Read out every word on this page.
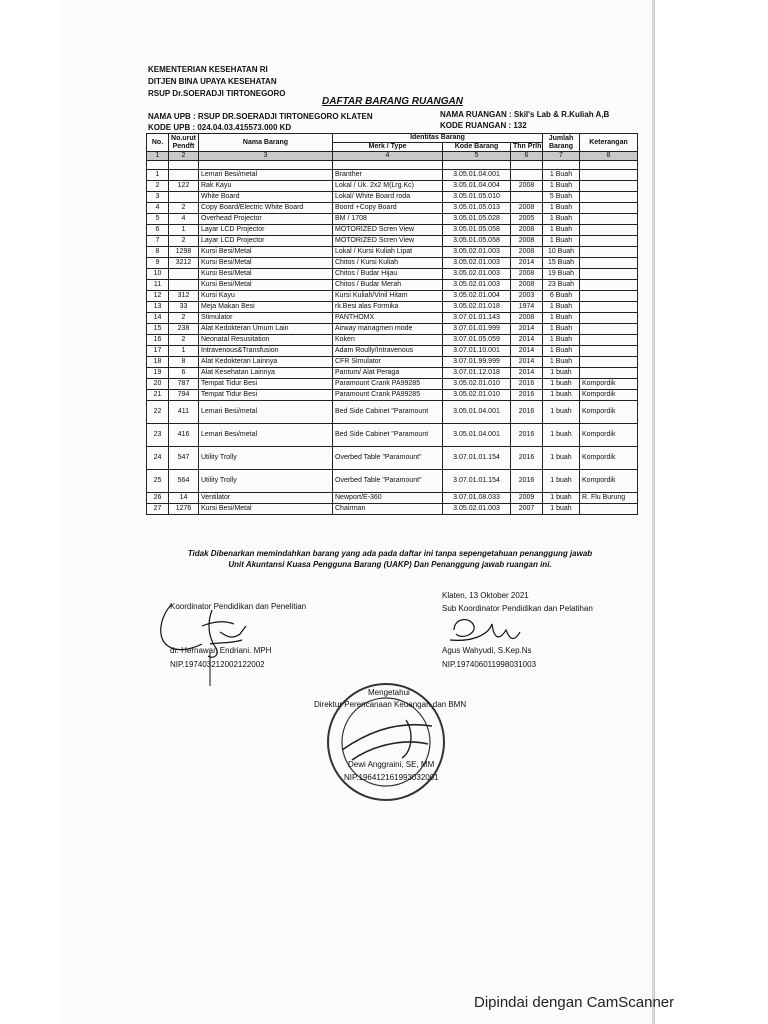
KEMENTERIAN KESEHATAN RI
DITJEN BINA UPAYA KESEHATAN
RSUP Dr.SOERADJI TIRTONEGORO
DAFTAR BARANG RUANGAN
NAMA UPB : RSUP DR.SOERADJI TIRTONEGORO KLATEN
KODE UPB : 024.04.03.415573.000 KD
NAMA RUANGAN : Skil's Lab & R.Kuliah A,B
KODE RUANGAN : 132
No.	No.urut Pendft	Nama Barang	Identitas Barang			Jumlah Barang	Keterangan
			Merk / Type	Kode Barang	Thn Prlh		
1	2	3	4	5	6	7	8

1		Lemari Besi/metal	Branther	3.05.01.04.001		1 Buah	
2	122	Rak Kayu	Lokal / Uk. 2x2 M(Lrg.Kc)	3.05.01.04.004	2008	1 Buah	
3		White Board	Lokal/ White Board roda	3.05.01.05.010		5 Buah	
4	2	Copy Board/Electric White Board	Boord +Copy Board	3.05.01.05.013	2008	1 Buah	
5	4	Overhead Projector	BM / 1708	3.05.01.05.028	2005	1 Buah	
6	1	Layar LCD Projector	MOTORIZED Scren View	3.05.01.05.058	2008	1 Buah	
7	2	Layar LCD Projector	MOTORIZED Scren View	3.05.01.05.058	2008	1 Buah	
8	1298	Kursi Besi/Metal	Lokal / Kursi Kuliah Lipat	3.05.02.01.003	2008	10 Buah	
9	3212	Kursi Besi/Metal	Chitos / Kursi Kuliah	3.05.02.01.003	2014	15 Buah	
10		Kursi Besi/Metal	Chitos / Budar Hijau	3.05.02.01.003	2008	19 Buah	
11		Kursi Besi/Metal	Chitos / Budar Merah	3.05.02.01.003	2008	23 Buah	
12	312	Kursi Kayu	Kursi Kuliah/Vinil Hitam	3.05.02.01.004	2003	6 Buah	
13	33	Meja Makan Besi	rk.Besi alas Formika	3.05.02.01.018	1974	1 Buah	
14	2	Stimulator	PANTHOMX	3.07.01.01.143	2008	1 Buah	
15	238	Alat Kedokteran Umum Lain	Airway managmen mode	3.07.01.01.999	2014	1 Buah	
16	2	Neonatal Resusitation	Koken	3.07.01.05.059	2014	1 Buah	
17	1	Intravenous&Transfusion	Adam Roully/Intravenous	3.07.01.10.001	2014	1 Buah	
18	8	Alat Kedokteran Lainnya	CFR Simulator	3.07.01.99.999	2014	1 Buah	
19	6	Alat Kesehatan Lainnya	Pantum/ Alat Peraga	3.07.01.12.018	2014	1 buah	
20	787	Tempat Tidur Besi	Paramount Crank PA99285	3.05.02.01.010	2016	1 buah	Kompordik
21	794	Tempat Tidur Besi	Paramount Crank PA99285	3.05.02.01.010	2016	1 buah	Kompordik
22	411	Lemari Besi/metal	Bed Side Cabinet "Paramount	3.05.01.04.001	2016	1 buah	Kompordik
23	416	Lemari Besi/metal	Bed Side Cabinet "Paramount	3.05.01.04.001	2016	1 buah	Kompordik
24	547	Utility Trolly	Overbed Table "Paramount"	3.07.01.01.154	2016	1 buah	Kompordik
25	564	Utility Trolly	Overbed Table "Paramount"	3.07.01.01.154	2016	1 buah	Kompordik
26	14	Ventilator	Newport/E-360	3.07.01.08.033	2009	1 buah	R. Flu Burung
27	1276	Kursi Besi/Metal	Chairman	3.05.02.01.003	2007	1 buah	
Tidak Dibenarkan memindahkan barang yang ada pada daftar ini tanpa sepengetahuan penanggung jawab
Unit Akuntansi Kuasa Pengguna Barang (UAKP) Dan Penanggung jawab ruangan ini.
Koordinator Pendidikan dan Penelitian
dr. Hernawan Endriani. MPH
NIP.197403212002122002
Klaten, 13 Oktober 2021
Sub Koordinator Pendidikan dan Pelatihan
Agus Wahyudi, S.Kep.Ns
NIP.197406011998031003
Mengetahui
Direktur Perencanaan Keuangan dan BMN
Dewi Anggraini, SE, MM
NIP.196412161993032001
Dipindai dengan CamScanner
